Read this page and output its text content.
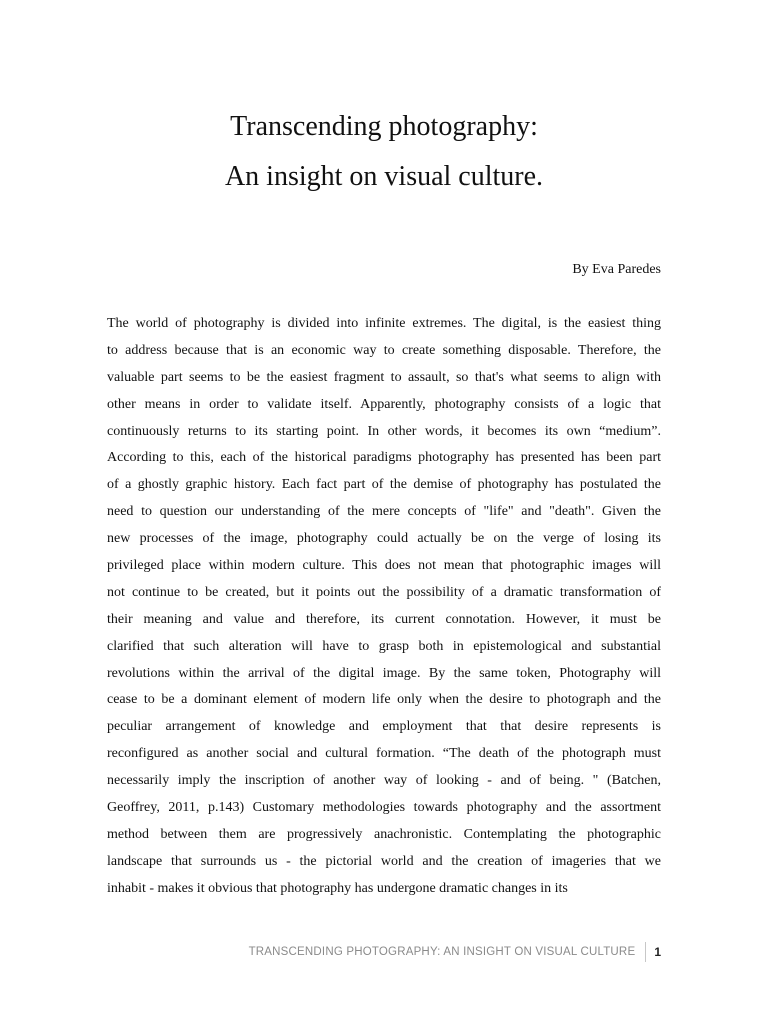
Transcending photography:
An insight on visual culture.

By Eva Paredes

The world of photography is divided into infinite extremes. The digital, is the easiest thing
to address because that is an economic way to create something disposable. Therefore, the
valuable part seems to be the easiest fragment to assault, so that's what seems to align with
other means in order to validate itself. Apparently, photography consists of a logic that
continuously returns to its starting point. In other words, it becomes its own “medium”.
According to this, each of the historical paradigms photography has presented has been part
of a ghostly graphic history. Each fact part of the demise of photography has postulated the
need to question our understanding of the mere concepts of "life" and "death". Given the
new processes of the image, photography could actually be on the verge of losing its
privileged place within modern culture. This does not mean that photographic images will
not continue to be created, but it points out the possibility of a dramatic transformation of
their meaning and value and therefore, its current connotation. However, it must be
clarified that such alteration will have to grasp both in epistemological and substantial
revolutions within the arrival of the digital image. By the same token, Photography will
cease to be a dominant element of modern life only when the desire to photograph and the
peculiar arrangement of knowledge and employment that that desire represents is
reconfigured as another social and cultural formation. “The death of the photograph must
necessarily imply the inscription of another way of looking - and of being. " (Batchen,
Geoffrey, 2011, p.143) Customary methodologies towards photography and the assortment
method between them are progressively anachronistic. Contemplating the photographic
landscape that surrounds us - the pictorial world and the creation of imageries that we
inhabit - makes it obvious that photography has undergone dramatic changes in its
TRANSCENDING PHOTOGRAPHY: AN INSIGHT ON VISUAL CULTURE	1
